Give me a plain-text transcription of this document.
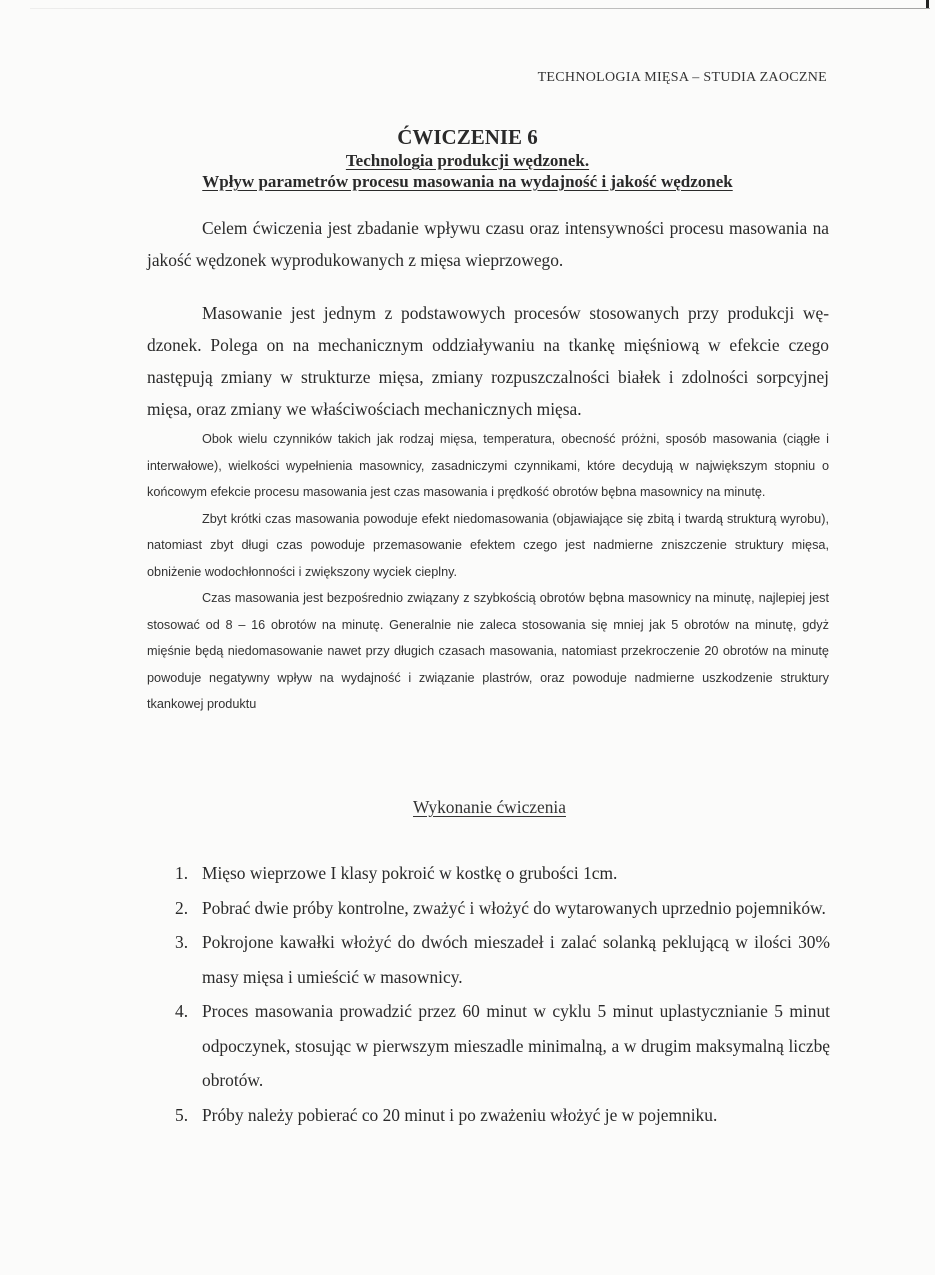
TECHNOLOGIA MIĘSA – STUDIA ZAOCZNE

ĆWICZENIE 6

Technologia produkcji wędzonek.

Wpływ parametrów procesu masowania na wydajność i jakość wędzonek

Celem ćwiczenia jest zbadanie wpływu czasu oraz intensywności procesu masowania na jakość wędzonek wyprodukowanych z mięsa wieprzowego.

Masowanie jest jednym z podstawowych procesów stosowanych przy produkcji wędzonek. Polega on na mechanicznym oddziaływaniu na tkankę mięśniową w efekcie czego następują zmiany w strukturze mięsa, zmiany rozpuszczalności białek i zdolności sorpcyjnej mięsa, oraz zmiany we właściwościach mechanicznych mięsa.

Obok wielu czynników takich jak rodzaj mięsa, temperatura, obecność próżni, sposób masowania (ciągłe i interwałowe), wielkości wypełnienia masownicy, zasadniczymi czynnikami, które decydują w największym stopniu o końcowym efekcie procesu masowania jest czas masowania i prędkość obrotów bębna masownicy na minutę.

Zbyt krótki czas masowania powoduje efekt niedomasowania (objawiające się zbitą i twardą strukturą wyrobu), natomiast zbyt długi czas powoduje przemasowanie efektem czego jest nadmierne zniszczenie struktury mięsa, obniżenie wodochłonności i zwiększony wyciek cieplny.

Czas masowania jest bezpośrednio związany z szybkością obrotów bębna masownicy na minutę, najlepiej jest stosować od 8 – 16 obrotów na minutę. Generalnie nie zaleca stosowania się mniej jak 5 obrotów na minutę, gdyż mięśnie będą niedomasowanie nawet przy długich czasach masowania, natomiast przekroczenie 20 obrotów na minutę powoduje negatywny wpływ na wydajność i związanie plastrów, oraz powoduje nadmierne uszkodzenie struktury tkankowej produktu

Wykonanie ćwiczenia
1. Mięso wieprzowe I klasy pokroić w kostkę o grubości 1cm.
2. Pobrać dwie próby kontrolne, zważyć i włożyć do wytarowanych uprzednio pojemników.
3. Pokrojone kawałki włożyć do dwóch mieszadeł i zalać solanką peklującą w ilości 30% masy mięsa i umieścić w masownicy.
4. Proces masowania prowadzić przez 60 minut w cyklu 5 minut uplastycznianie 5 minut odpoczynek, stosując w pierwszym mieszadle minimalną, a w drugim maksymalną liczbę obrotów.
5. Próby należy pobierać co 20 minut i po zważeniu włożyć je w pojemniku.
